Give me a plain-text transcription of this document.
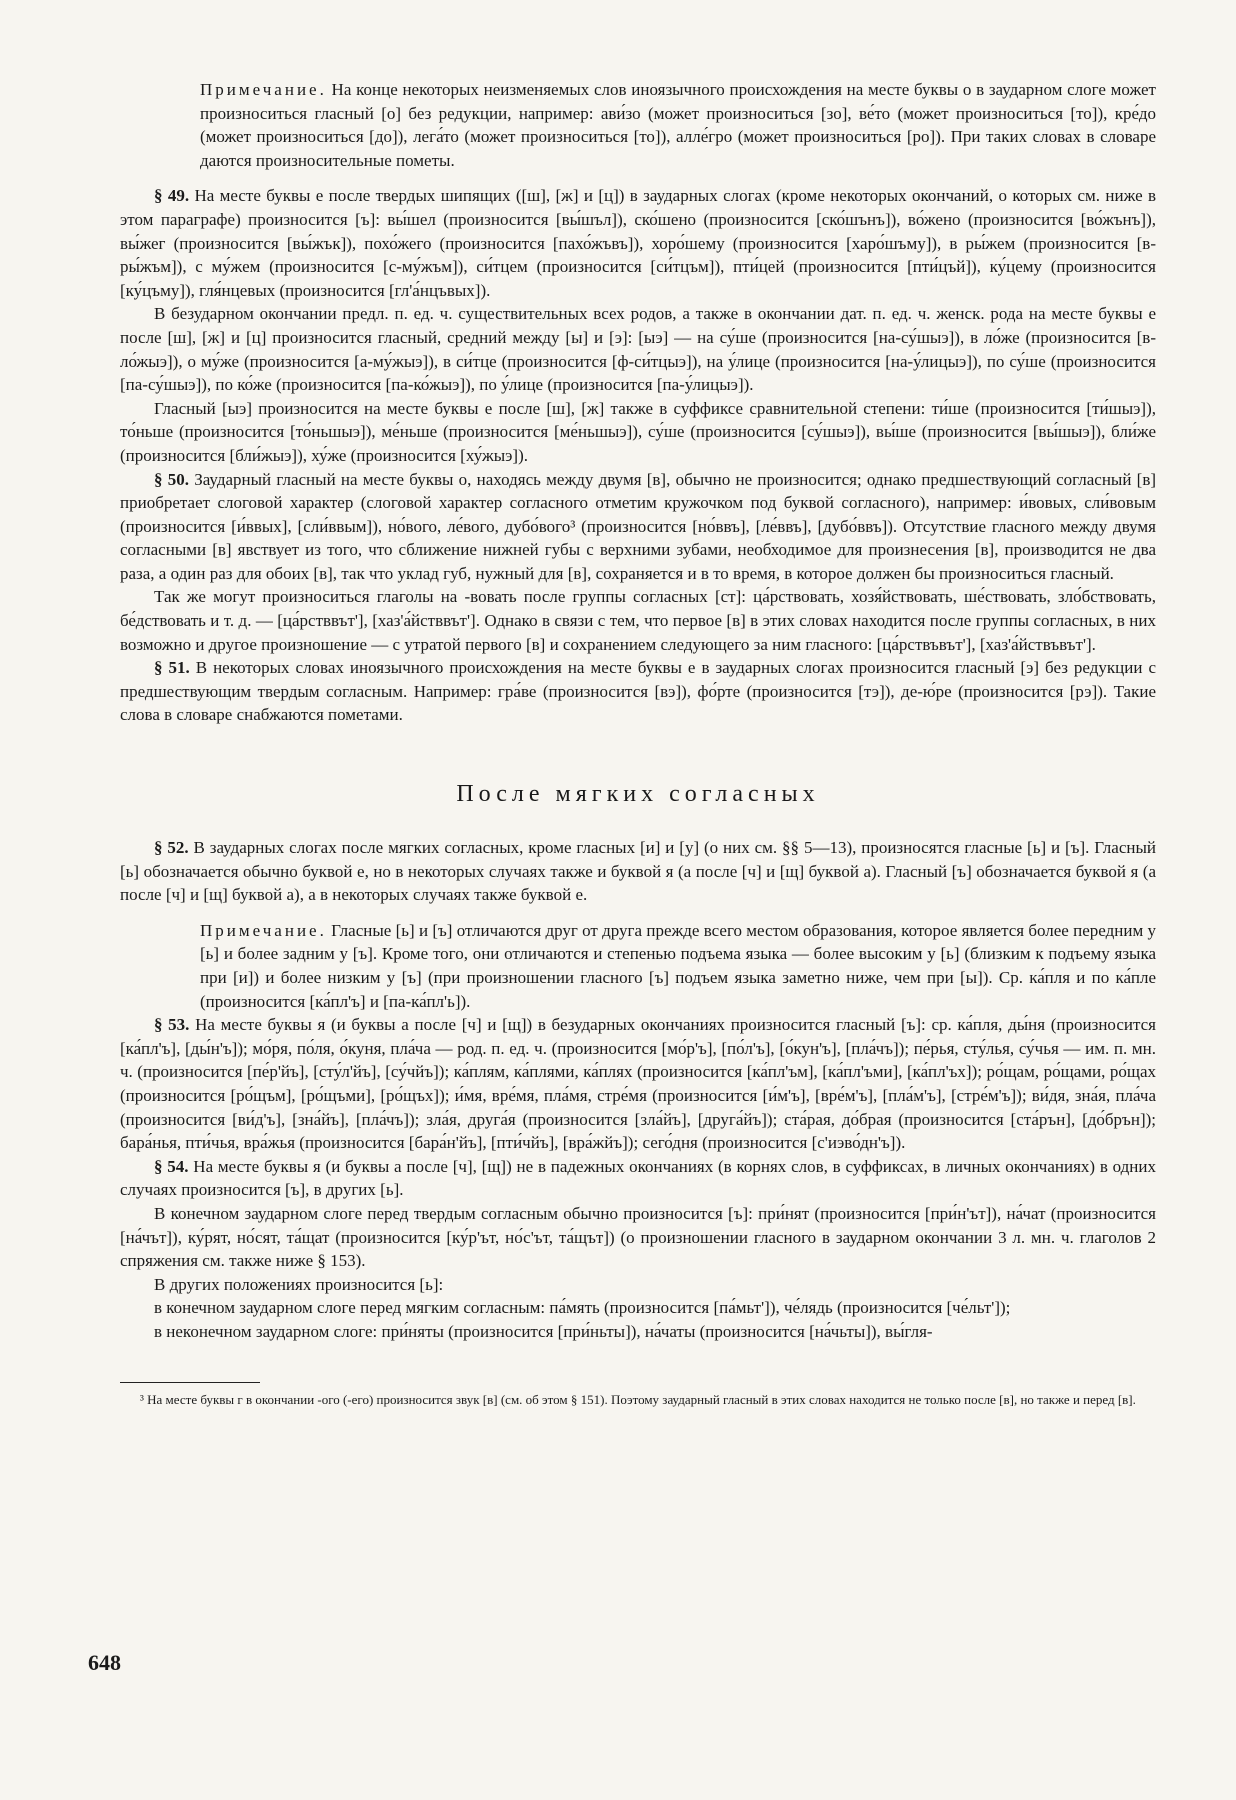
Примечание. На конце некоторых неизменяемых слов иноязычного происхождения на месте буквы о в заударном слоге может произноситься гласный [о] без редукции, например: ави́зо (может произноситься [зо], ве́то (может произноситься [то]), кре́до (может произноситься [до]), лега́то (может произноситься [то]), алле́гро (может произноситься [ро]). При таких словах в словаре даются произносительные пометы.

§ 49. На месте буквы е после твердых шипящих ([ш], [ж] и [ц]) в заударных слогах (кроме некоторых окончаний, о которых см. ниже в этом параграфе) произносится [ъ]: вы́шел (произносится [вы́шъл]), ско́шено (произносится [ско́шънъ]), во́жено (произносится [во́жънъ]), вы́жег (произносится [вы́жък]), похо́жего (произносится [пахо́жъвъ]), хоро́шему (произносится [харо́шъму]), в ры́жем (произносится [в-ры́жъм]), с му́жем (произносится [с-му́жъм]), си́тцем (произносится [си́тцъм]), пти́цей (произносится [пти́цъй]), ку́цему (произносится [ку́цъму]), гля́нцевых (произносится [гл'а́нцъвых]).

В безударном окончании предл. п. ед. ч. существительных всех родов, а также в окончании дат. п. ед. ч. женск. рода на месте буквы е после [ш], [ж] и [ц] произносится гласный, средний между [ы] и [э]: [ыэ] — на су́ше (произносится [на-су́шыэ]), в ло́же (произносится [в-ло́жыэ]), о му́же (произносится [а-му́жыэ]), в си́тце (произносится [ф-си́тцыэ]), на у́лице (произносится [на-у́лицыэ]), по су́ше (произносится [па-су́шыэ]), по ко́же (произносится [па-ко́жыэ]), по у́лице (произносится [па-у́лицыэ]).

Гласный [ыэ] произносится на месте буквы е после [ш], [ж] также в суффиксе сравнительной степени: ти́ше (произносится [ти́шыэ]), то́ньше (произносится [то́ньшыэ]), ме́ньше (произносится [ме́ньшыэ]), су́ше (произносится [су́шыэ]), вы́ше (произносится [вы́шыэ]), бли́же (произносится [бли́жыэ]), ху́же (произносится [ху́жыэ]).

§ 50. Заударный гласный на месте буквы о, находясь между двумя [в], обычно не произносится; однако предшествующий согласный [в] приобретает слоговой характер (слоговой характер согласного отметим кружочком под буквой согласного), например: и́вовых, сли́вовым (произносится [и́ввых], [сли́ввым]), но́вого, ле́вого, дубо́вого³ (произносится [но́ввъ], [ле́ввъ], [дубо́ввъ]). Отсутствие гласного между двумя согласными [в] явствует из того, что сближение нижней губы с верхними зубами, необходимое для произнесения [в], производится не два раза, а один раз для обоих [в], так что уклад губ, нужный для [в], сохраняется и в то время, в которое должен бы произноситься гласный.

Так же могут произноситься глаголы на -вовать после группы согласных [ст]: ца́рствовать, хозя́йствовать, ше́ствовать, зло́бствовать, бе́дствовать и т. д. — [ца́рстввът'], [хаз'а́йстввът']. Однако в связи с тем, что первое [в] в этих словах находится после группы согласных, в них возможно и другое произношение — с утратой первого [в] и сохранением следующего за ним гласного: [ца́рствъвът'], [хаз'а́йствъвът'].

§ 51. В некоторых словах иноязычного происхождения на месте буквы е в заударных слогах произносится гласный [э] без редукции с предшествующим твердым согласным. Например: гра́ве (произносится [вэ]), фо́рте (произносится [тэ]), де-ю́ре (произносится [рэ]). Такие слова в словаре снабжаются пометами.

После мягких согласных

§ 52. В заударных слогах после мягких согласных, кроме гласных [и] и [у] (о них см. §§ 5—13), произносятся гласные [ь] и [ъ]. Гласный [ь] обозначается обычно буквой е, но в некоторых случаях также и буквой я (а после [ч] и [щ] буквой а). Гласный [ъ] обозначается буквой я (а после [ч] и [щ] буквой а), а в некоторых случаях также буквой е.

Примечание. Гласные [ь] и [ъ] отличаются друг от друга прежде всего местом образования, которое является более передним у [ь] и более задним у [ъ]. Кроме того, они отличаются и степенью подъема языка — более высоким у [ь] (близким к подъему языка при [и]) и более низким у [ъ] (при произношении гласного [ъ] подъем языка заметно ниже, чем при [ы]). Ср. ка́пля и по ка́пле (произносится [ка́пл'ъ] и [па-ка́пл'ь]).

§ 53. На месте буквы я (и буквы а после [ч] и [щ]) в безударных окончаниях произносится гласный [ъ]: ср. ка́пля, ды́ня (произносится [ка́пл'ъ], [ды́н'ъ]); мо́ря, по́ля, о́куня, пла́ча — род. п. ед. ч. (произносится [мо́р'ъ], [по́л'ъ], [о́кун'ъ], [пла́чъ]); пе́рья, сту́лья, су́чья — им. п. мн. ч. (произносится [пе́р'йъ], [сту́л'йъ], [су́чйъ]); ка́плям, ка́плями, ка́плях (произносится [ка́пл'ъм], [ка́пл'ъми], [ка́пл'ъх]); ро́щам, ро́щами, ро́щах (произносится [ро́щъм], [ро́щъми], [ро́щъх]); и́мя, вре́мя, пла́мя, стре́мя (произносится [и́м'ъ], [вре́м'ъ], [пла́м'ъ], [стре́м'ъ]); ви́дя, зна́я, пла́ча (произносится [ви́д'ъ], [зна́йъ], [пла́чъ]); зла́я, друга́я (произносится [зла́йъ], [друга́йъ]); ста́рая, до́брая (произносится [ста́рън], [до́брън]); бара́нья, пти́чья, вра́жья (произносится [бара́н'йъ], [пти́чйъ], [вра́жйъ]); сего́дня (произносится [с'иэво́дн'ъ]).

§ 54. На месте буквы я (и буквы а после [ч], [щ]) не в падежных окончаниях (в корнях слов, в суффиксах, в личных окончаниях) в одних случаях произносится [ъ], в других [ь].

В конечном заударном слоге перед твердым согласным обычно произносится [ъ]: при́нят (произносится [при́н'ът]), на́чат (произносится [на́чът]), ку́рят, но́сят, та́щат (произносится [ку́р'ът, но́с'ът, та́щът]) (о произношении гласного в заударном окончании 3 л. мн. ч. глаголов 2 спряжения см. также ниже § 153).

В других положениях произносится [ь]:

в конечном заударном слоге перед мягким согласным: па́мять (произносится [па́мьт']), че́лядь (произносится [че́льт']);

в неконечном заударном слоге: при́няты (произносится [при́ньты]), на́чаты (произносится [на́чьты]), вы́гля-

³ На месте буквы г в окончании -ого (-его) произносится звук [в] (см. об этом § 151). Поэтому заударный гласный в этих словах находится не только после [в], но также и перед [в].

648
